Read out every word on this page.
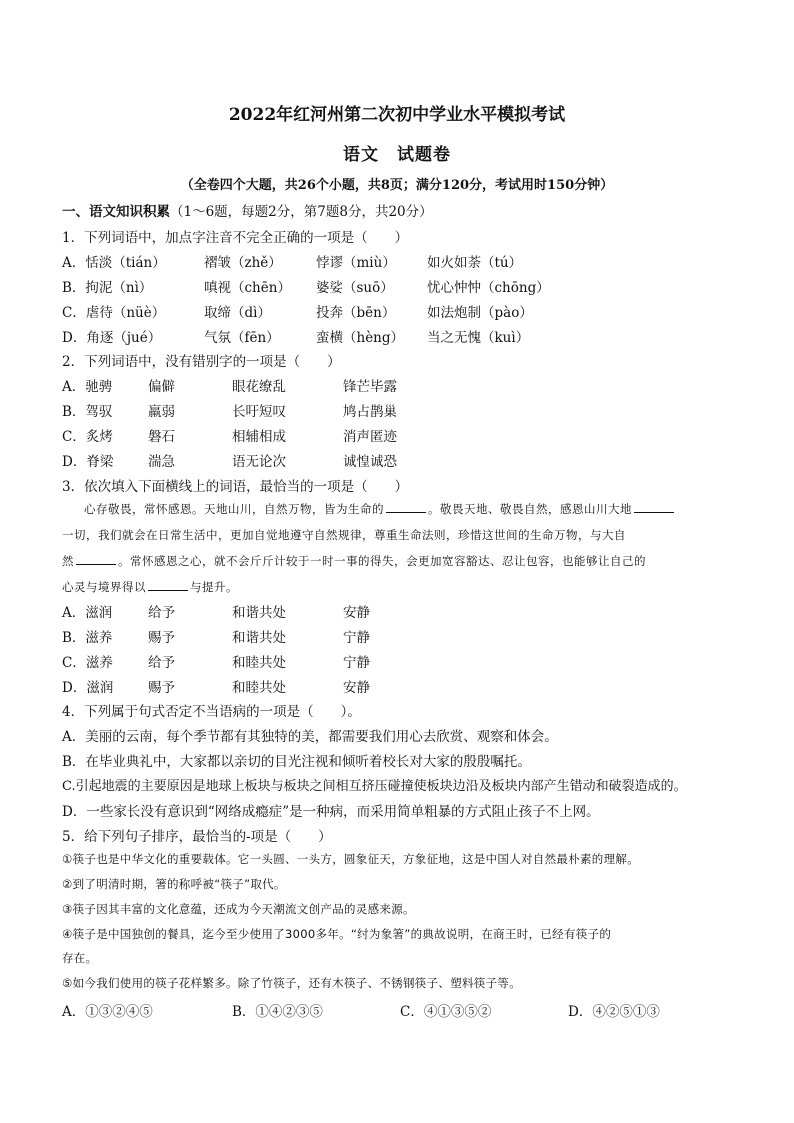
2022年红河州第二次初中学业水平模拟考试
语文　试题卷
（全卷四个大题，共26个小题，共8页；满分120分，考试用时150分钟）
一、语文知识积累（1～6题，每题2分，第7题8分，共20分）
1．下列词语中，加点字注音不完全正确的一项是（　　）
A．恬淡（tián）	褶皱（zhě）	悖谬（miù） 如火如荼（tú）
B．拘泥（nì）	嗔视（chēn） 婆娑（suō） 忧心忡忡（chōng）
C．虐待（nüè）	取缔（dì）	投奔（bēn） 如法炮制（pào）
D．角逐（jué）	气氛（fēn）	蛮横（hèng） 当之无愧（kuì）
2．下列词语中，没有错别字的一项是（　　）
A．驰骋	偏僻	眼花缭乱	锋芒毕露
B．驾驭	羸弱	长吁短叹	鸠占鹊巢
C．炙烤	磐石	相辅相成	消声匿迹
D．脊梁	湍急	语无论次	诚惶诚恐
3．依次填入下面横线上的词语，最恰当的一项是（　　）
心存敬畏，常怀感恩。天地山川，自然万物，皆为生命的	。敬畏天地、敬畏自然，感恩山川大地
一切，我们就会在日常生活中，更加自觉地遵守自然规律，尊重生命法则，珍惜这世间的生命万物，与大自
然	。常怀感恩之心，就不会斤斤计较于一时一事的得失，会更加宽容豁达、忍让包容，也能够让自己的
心灵与境界得以	与提升。
A．滋润	给予	和谐共处	安静
B．滋养	赐予	和谐共处	宁静
C．滋养	给予	和睦共处	宁静
D．滋润	赐予	和睦共处	安静
4．下列属于句式否定不当语病的一项是（　　）。
A．美丽的云南，每个季节都有其独特的美，都需要我们用心去欣赏、观察和体会。
B．在毕业典礼中，大家都以亲切的目光注视和倾听着校长对大家的殷殷嘱托。
C.引起地震的主要原因是地球上板块与板块之间相互挤压碰撞使板块边沿及板块内部产生错动和破裂造成的。
D．一些家长没有意识到“网络成瘾症”是一种病，而采用简单粗暴的方式阻止孩子不上网。
5．给下列句子排序，最恰当的-项是（　　）
①筷子也是中华文化的重要载体。它一头圆、一头方，圆象征天，方象征地，这是中国人对自然最朴素的理解。
②到了明清时期，箸的称呼被“筷子”取代。
③筷子因其丰富的文化意蕴，还成为今天潮流文创产品的灵感来源。
④筷子是中国独创的餐具，迄今至少使用了3000多年。“纣为象箸”的典故说明，在商王时，已经有筷子的
存在。
⑤如今我们使用的筷子花样繁多。除了竹筷子，还有木筷子、不锈钢筷子、塑料筷子等。
A．①③②④⑤	B．①④②③⑤	C．④①③⑤②	D．④②⑤①③
